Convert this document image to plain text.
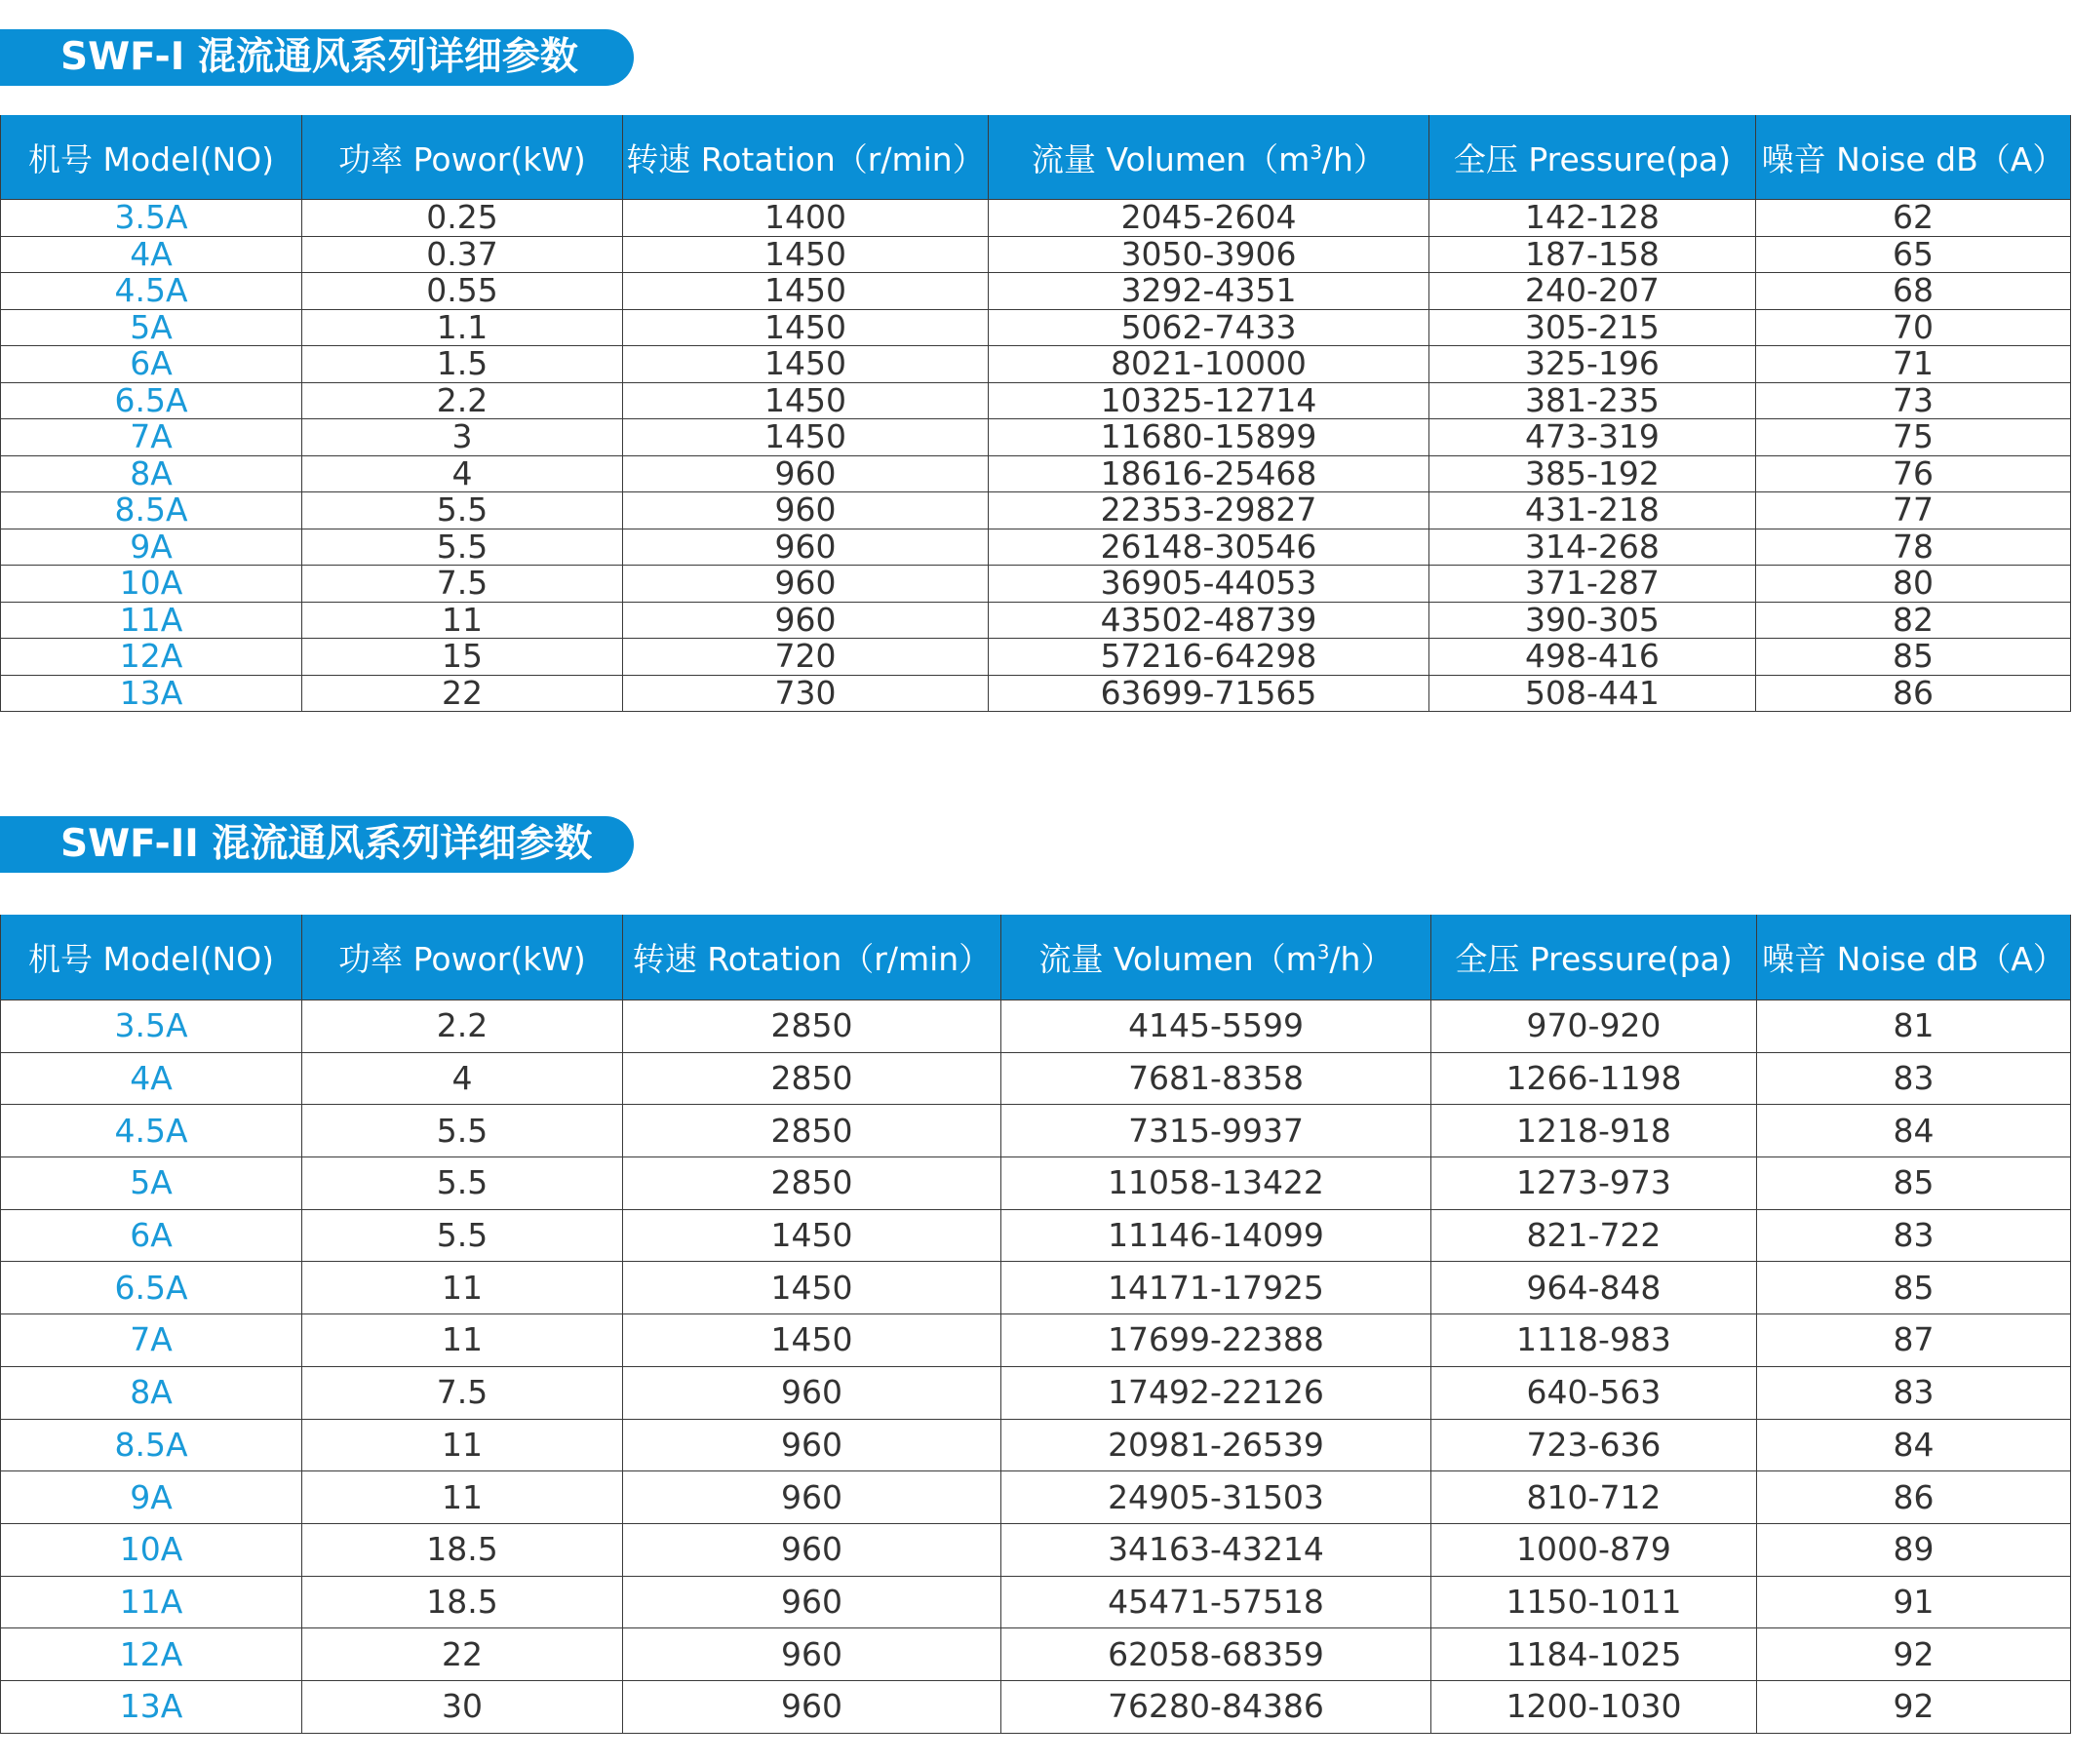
SWF-I 混流通风系列详细参数
机号 Model(NO)	功率 Powor(kW)	转速 Rotation（r/min）	流量 $Volumen(m^3/h)$	全压 Pressure(pa)	噪音 Noise dB（A）
3.5A	0.25	1400	2045-2604	142-128	62
4A	0.37	1450	3050-3906	187-158	65
4.5A	0.55	1450	3292-4351	240-207	68
5A	1.1	1450	5062-7433	305-215	70
6A	1.5	1450	8021-10000	325-196	71
6.5A	2.2	1450	10325-12714	381-235	73
7A	3	1450	11680-15899	473-319	75
8A	4	960	18616-25468	385-192	76
8.5A	5.5	960	22353-29827	431-218	77
9A	5.5	960	26148-30546	314-268	78
10A	7.5	960	36905-44053	371-287	80
11A	11	960	43502-48739	390-305	82
12A	15	720	57216-64298	498-416	85
13A	22	730	63699-71565	508-441	86
SWF-II 混流通风系列详细参数
机号 Model(NO)	功率 Powor(kW)	转速 Rotation（r/min）	流量 $Volumen(m^3/h)$	全压 Pressure(pa)	噪音 Noise dB（A）
3.5A	2.2	2850	4145-5599	970-920	81
4A	4	2850	7681-8358	1266-1198	83
4.5A	5.5	2850	7315-9937	1218-918	84
5A	5.5	2850	11058-13422	1273-973	85
6A	5.5	1450	11146-14099	821-722	83
6.5A	11	1450	14171-17925	964-848	85
7A	11	1450	17699-22388	1118-983	87
8A	7.5	960	17492-22126	640-563	83
8.5A	11	960	20981-26539	723-636	84
9A	11	960	24905-31503	810-712	86
10A	18.5	960	34163-43214	1000-879	89
11A	18.5	960	45471-57518	1150-1011	91
12A	22	960	62058-68359	1184-1025	92
13A	30	960	76280-84386	1200-1030	92
